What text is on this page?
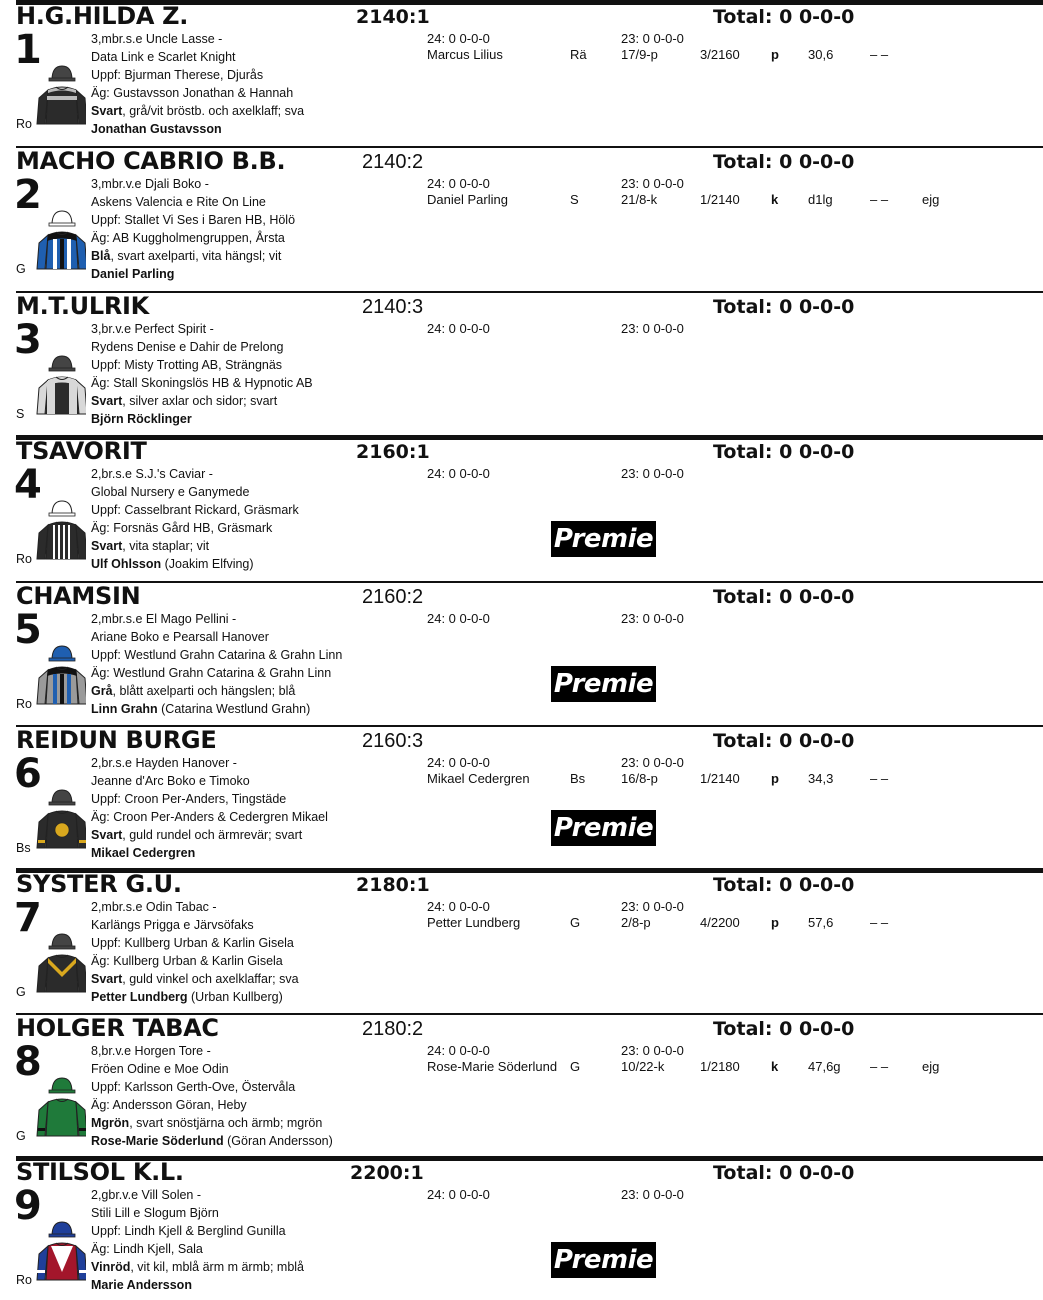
H.G.HILDA Z.	2140:1	Total: 0 0-0-0
1
Ro
3,mbr.s.e Uncle Lasse -
Data Link e Scarlet Knight
Uppf: Bjurman Therese, Djurås
Äg: Gustavsson Jonathan & Hannah
Svart, grå/vit bröstb. och axelklaff; sva
Jonathan Gustavsson
24: 0 0-0-0	23: 0 0-0-0
Marcus Lilius	Rä	17/9-p	3/2160 p 30,6	– –
MACHO CABRIO B.B.	2140:2	Total: 0 0-0-0
2
G
3,mbr.v.e Djali Boko -
Askens Valencia e Rite On Line
Uppf: Stallet Vi Ses i Baren HB, Hölö
Äg: AB Kuggholmengruppen, Årsta
Blå, svart axelparti, vita hängsl; vit
Daniel Parling
24: 0 0-0-0	23: 0 0-0-0
Daniel Parling	S	21/8-k	1/2140 k d1lg	– –	ejg
M.T.ULRIK	2140:3	Total: 0 0-0-0
3
S
3,br.v.e Perfect Spirit -
Rydens Denise e Dahir de Prelong
Uppf: Misty Trotting AB, Strängnäs
Äg: Stall Skoningslös HB & Hypnotic AB
Svart, silver axlar och sidor; svart
Björn Röcklinger
24: 0 0-0-0	23: 0 0-0-0
TSAVORIT	2160:1	Total: 0 0-0-0
4
Ro
2,br.s.e S.J.'s Caviar -
Global Nursery e Ganymede
Uppf: Casselbrant Rickard, Gräsmark
Äg: Forsnäs Gård HB, Gräsmark
Svart, vita staplar; vit
Ulf Ohlsson (Joakim Elfving)
24: 0 0-0-0	23: 0 0-0-0
Premie
CHAMSIN	2160:2	Total: 0 0-0-0
5
Ro
2,mbr.s.e El Mago Pellini -
Ariane Boko e Pearsall Hanover
Uppf: Westlund Grahn Catarina & Grahn Linn
Äg: Westlund Grahn Catarina & Grahn Linn
Grå, blått axelparti och hängslen; blå
Linn Grahn (Catarina Westlund Grahn)
24: 0 0-0-0	23: 0 0-0-0
Premie
REIDUN BURGE	2160:3	Total: 0 0-0-0
6
Bs
2,br.s.e Hayden Hanover -
Jeanne d'Arc Boko e Timoko
Uppf: Croon Per-Anders, Tingstäde
Äg: Croon Per-Anders & Cedergren Mikael
Svart, guld rundel och ärmrevär; svart
Mikael Cedergren
24: 0 0-0-0	23: 0 0-0-0
Mikael Cedergren	Bs	16/8-p	1/2140 p 34,3	– –
Premie
SYSTER G.U.	2180:1	Total: 0 0-0-0
7
G
2,mbr.s.e Odin Tabac -
Karlängs Prigga e Järvsöfaks
Uppf: Kullberg Urban & Karlin Gisela
Äg: Kullberg Urban & Karlin Gisela
Svart, guld vinkel och axelklaffar; sva
Petter Lundberg (Urban Kullberg)
24: 0 0-0-0	23: 0 0-0-0
Petter Lundberg	G	2/8-p	4/2200 p 57,6	– –
HOLGER TABAC	2180:2	Total: 0 0-0-0
8
G
8,br.v.e Horgen Tore -
Fröen Odine e Moe Odin
Uppf: Karlsson Gerth-Ove, Östervåla
Äg: Andersson Göran, Heby
Mgrön, svart snöstjärna och ärmb; mgrön
Rose-Marie Söderlund (Göran Andersson)
24: 0 0-0-0	23: 0 0-0-0
Rose-Marie Söderlund G	10/22-k	1/2180 k 47,6g – –	ejg
STILSOL K.L.	2200:1	Total: 0 0-0-0
9
Ro
2,gbr.v.e Vill Solen -
Stili Lill e Slogum Björn
Uppf: Lindh Kjell & Berglind Gunilla
Äg: Lindh Kjell, Sala
Vinröd, vit kil, mblå ärm m ärmb; mblå
Marie Andersson
24: 0 0-0-0	23: 0 0-0-0
Premie
